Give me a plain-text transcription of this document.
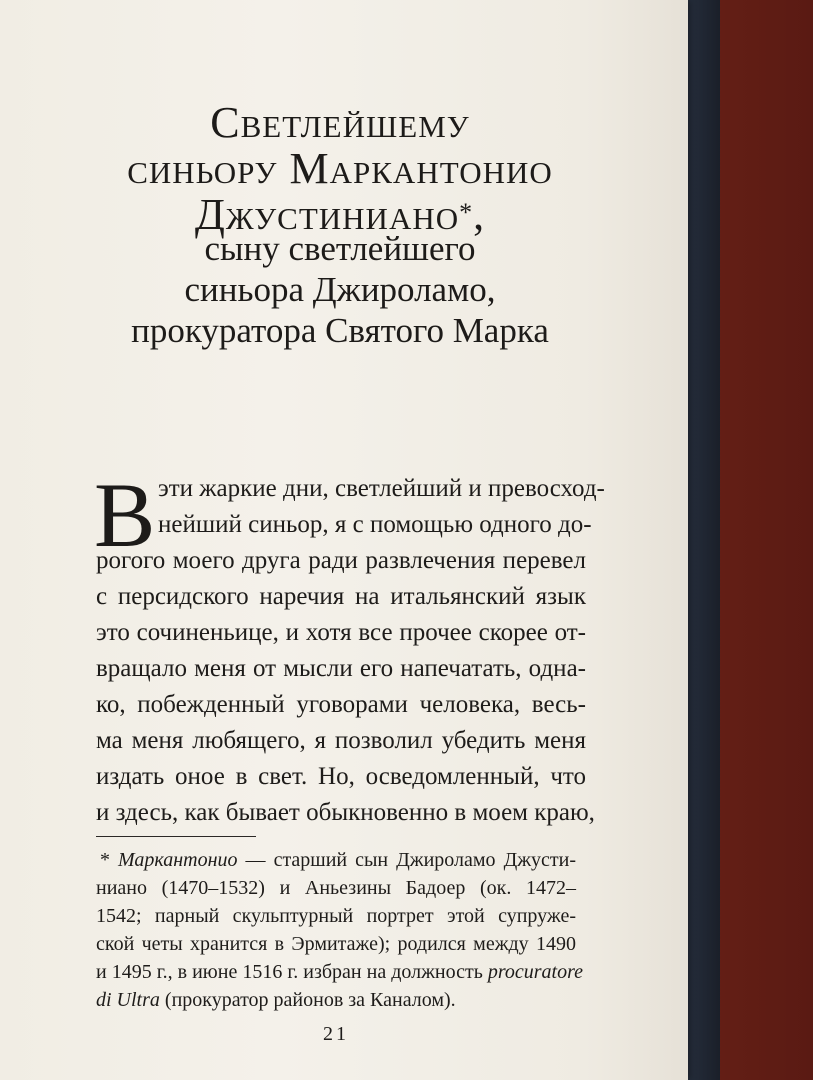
Светлейшему
синьору Маркантонио
Джустиниано*,
сыну светлейшего
синьора Джироламо,
прокуратора Святого Марка
В эти жаркие дни, светлейший и превосход-
нейший синьор, я с помощью одного до-
рогого моего друга ради развлечения перевел
с персидского наречия на итальянский язык
это сочиненьице, и хотя все прочее скорее от-
вращало меня от мысли его напечатать, одна-
ко, побежденный уговорами человека, весь-
ма меня любящего, я позволил убедить меня
издать оное в свет. Но, осведомленный, что
и здесь, как бывает обыкновенно в моем краю,
* Маркантонио — старший сын Джироламо Джусти-
ниано (1470–1532) и Аньезины Бадоер (ок. 1472–
1542; парный скульптурный портрет этой супруже-
ской четы хранится в Эрмитаже); родился между 1490
и 1495 г., в июне 1516 г. избран на должность procuratore
di Ultra (прокуратор районов за Каналом).
21
